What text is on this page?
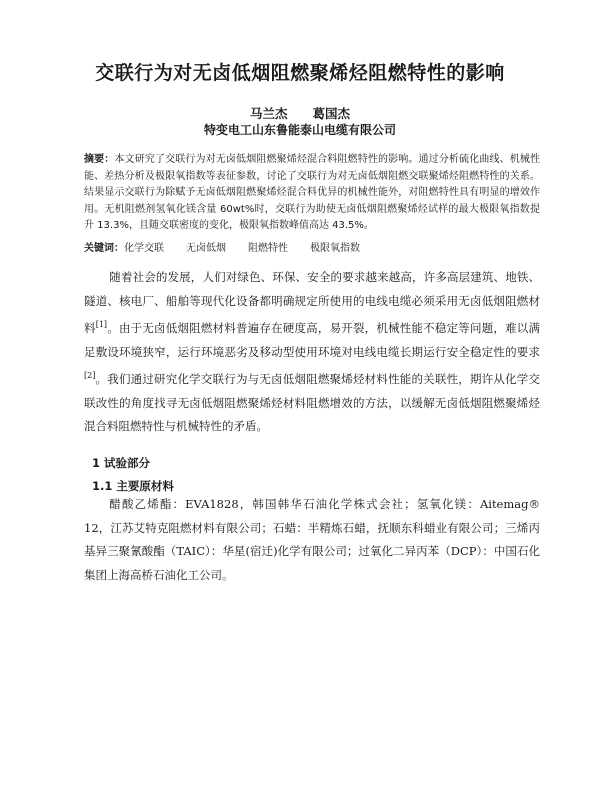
交联行为对无卤低烟阻燃聚烯烃阻燃特性的影响
马兰杰　　葛国杰
特变电工山东鲁能泰山电缆有限公司
摘要：本文研究了交联行为对无卤低烟阻燃聚烯烃混合料阻燃特性的影响。通过分析硫化曲线、机械性能、差热分析及极限氧指数等表征参数，讨论了交联行为对无卤低烟阻燃交联聚烯烃阻燃特性的关系。结果显示交联行为除赋予无卤低烟阻燃聚烯烃混合料优异的机械性能外，对阻燃特性具有明显的增效作用。无机阻燃剂氢氧化镁含量 60wt%时，交联行为助使无卤低烟阻燃聚烯烃试样的最大极限氧指数提升 13.3%，且随交联密度的变化，极限氧指数峰值高达 43.5%。
关键词：化学交联 无卤低烟 阻燃特性 极限氧指数
随着社会的发展，人们对绿色、环保、安全的要求越来越高，许多高层建筑、地铁、隧道、核电厂、船舶等现代化设备都明确规定所使用的电线电缆必须采用无卤低烟阻燃材料[1]。由于无卤低烟阻燃材料普遍存在硬度高，易开裂，机械性能不稳定等问题，难以满足敷设环境狭窄，运行环境恶劣及移动型使用环境对电线电缆长期运行安全稳定性的要求[2]。我们通过研究化学交联行为与无卤低烟阻燃聚烯烃材料性能的关联性，期许从化学交联改性的角度找寻无卤低烟阻燃聚烯烃材料阻燃增效的方法，以缓解无卤低烟阻燃聚烯烃混合料阻燃特性与机械特性的矛盾。
1 试验部分
1.1 主要原材料
醋酸乙烯酯：EVA1828，韩国韩华石油化学株式会社；氢氧化镁：Aitemag® 12，江苏艾特克阻燃材料有限公司；石蜡：半精炼石蜡，抚顺东科蜡业有限公司；三烯丙基异三聚氰酸酯（TAIC）：华星(宿迁)化学有限公司；过氧化二异丙苯（DCP）：中国石化集团上海高桥石油化工公司。
